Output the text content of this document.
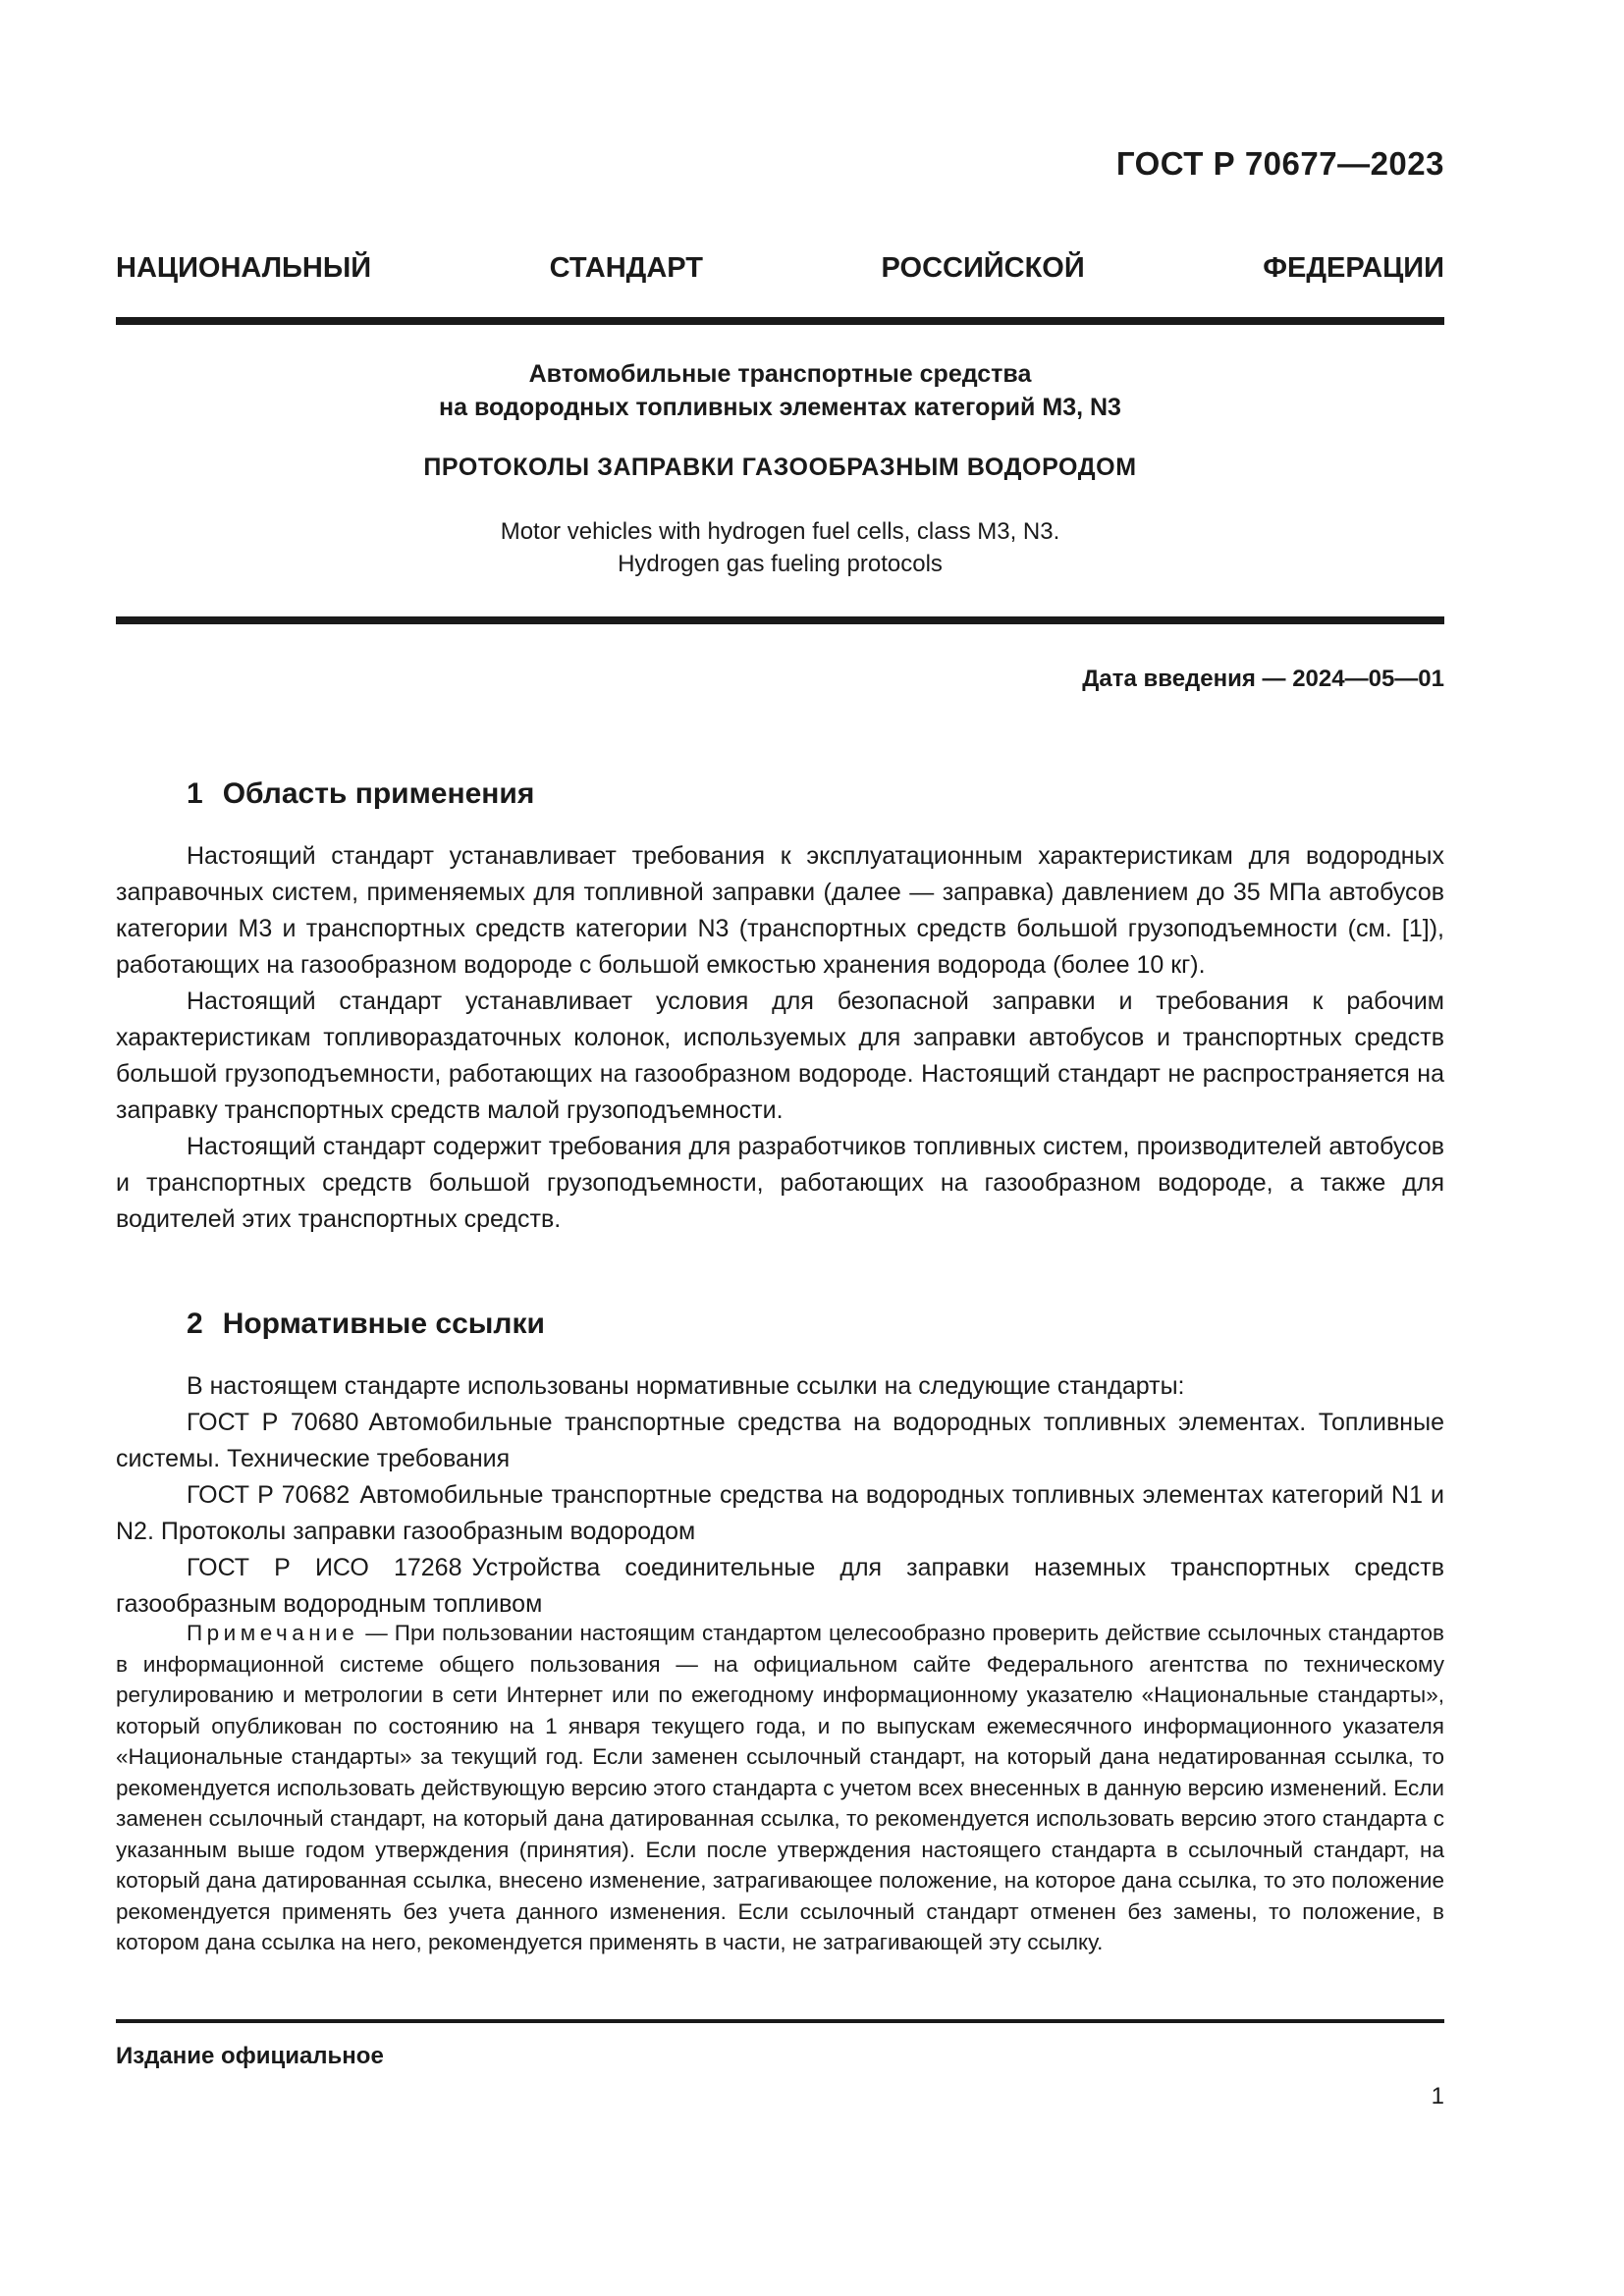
ГОСТ Р 70677—2023
НАЦИОНАЛЬНЫЙ СТАНДАРТ РОССИЙСКОЙ ФЕДЕРАЦИИ
Автомобильные транспортные средства
на водородных топливных элементах категорий М3, N3
ПРОТОКОЛЫ ЗАПРАВКИ ГАЗООБРАЗНЫМ ВОДОРОДОМ
Motor vehicles with hydrogen fuel cells, class M3, N3.
Hydrogen gas fueling protocols
Дата введения — 2024—05—01
1 Область применения

Настоящий стандарт устанавливает требования к эксплуатационным характеристикам для водородных заправочных систем, применяемых для топливной заправки (далее — заправка) давлением до 35 МПа автобусов категории М3 и транспортных средств категории N3 (транспортных средств большой грузоподъемности (см. [1]), работающих на газообразном водороде с большой емкостью хранения водорода (более 10 кг).

Настоящий стандарт устанавливает условия для безопасной заправки и требования к рабочим характеристикам топливораздаточных колонок, используемых для заправки автобусов и транспортных средств большой грузоподъемности, работающих на газообразном водороде. Настоящий стандарт не распространяется на заправку транспортных средств малой грузоподъемности.

Настоящий стандарт содержит требования для разработчиков топливных систем, производителей автобусов и транспортных средств большой грузоподъемности, работающих на газообразном водороде, а также для водителей этих транспортных средств.

2 Нормативные ссылки

В настоящем стандарте использованы нормативные ссылки на следующие стандарты:

ГОСТ Р 70680 Автомобильные транспортные средства на водородных топливных элементах. Топливные системы. Технические требования

ГОСТ Р 70682 Автомобильные транспортные средства на водородных топливных элементах категорий N1 и N2. Протоколы заправки газообразным водородом

ГОСТ Р ИСО 17268 Устройства соединительные для заправки наземных транспортных средств газообразным водородным топливом

Примечание — При пользовании настоящим стандартом целесообразно проверить действие ссылочных стандартов в информационной системе общего пользования — на официальном сайте Федерального агентства по техническому регулированию и метрологии в сети Интернет или по ежегодному информационному указателю «Национальные стандарты», который опубликован по состоянию на 1 января текущего года, и по выпускам ежемесячного информационного указателя «Национальные стандарты» за текущий год. Если заменен ссылочный стандарт, на который дана недатированная ссылка, то рекомендуется использовать действующую версию этого стандарта с учетом всех внесенных в данную версию изменений. Если заменен ссылочный стандарт, на который дана датированная ссылка, то рекомендуется использовать версию этого стандарта с указанным выше годом утверждения (принятия). Если после утверждения настоящего стандарта в ссылочный стандарт, на который дана датированная ссылка, внесено изменение, затрагивающее положение, на которое дана ссылка, то это положение рекомендуется применять без учета данного изменения. Если ссылочный стандарт отменен без замены, то положение, в котором дана ссылка на него, рекомендуется применять в части, не затрагивающей эту ссылку.

Издание официальное
1
